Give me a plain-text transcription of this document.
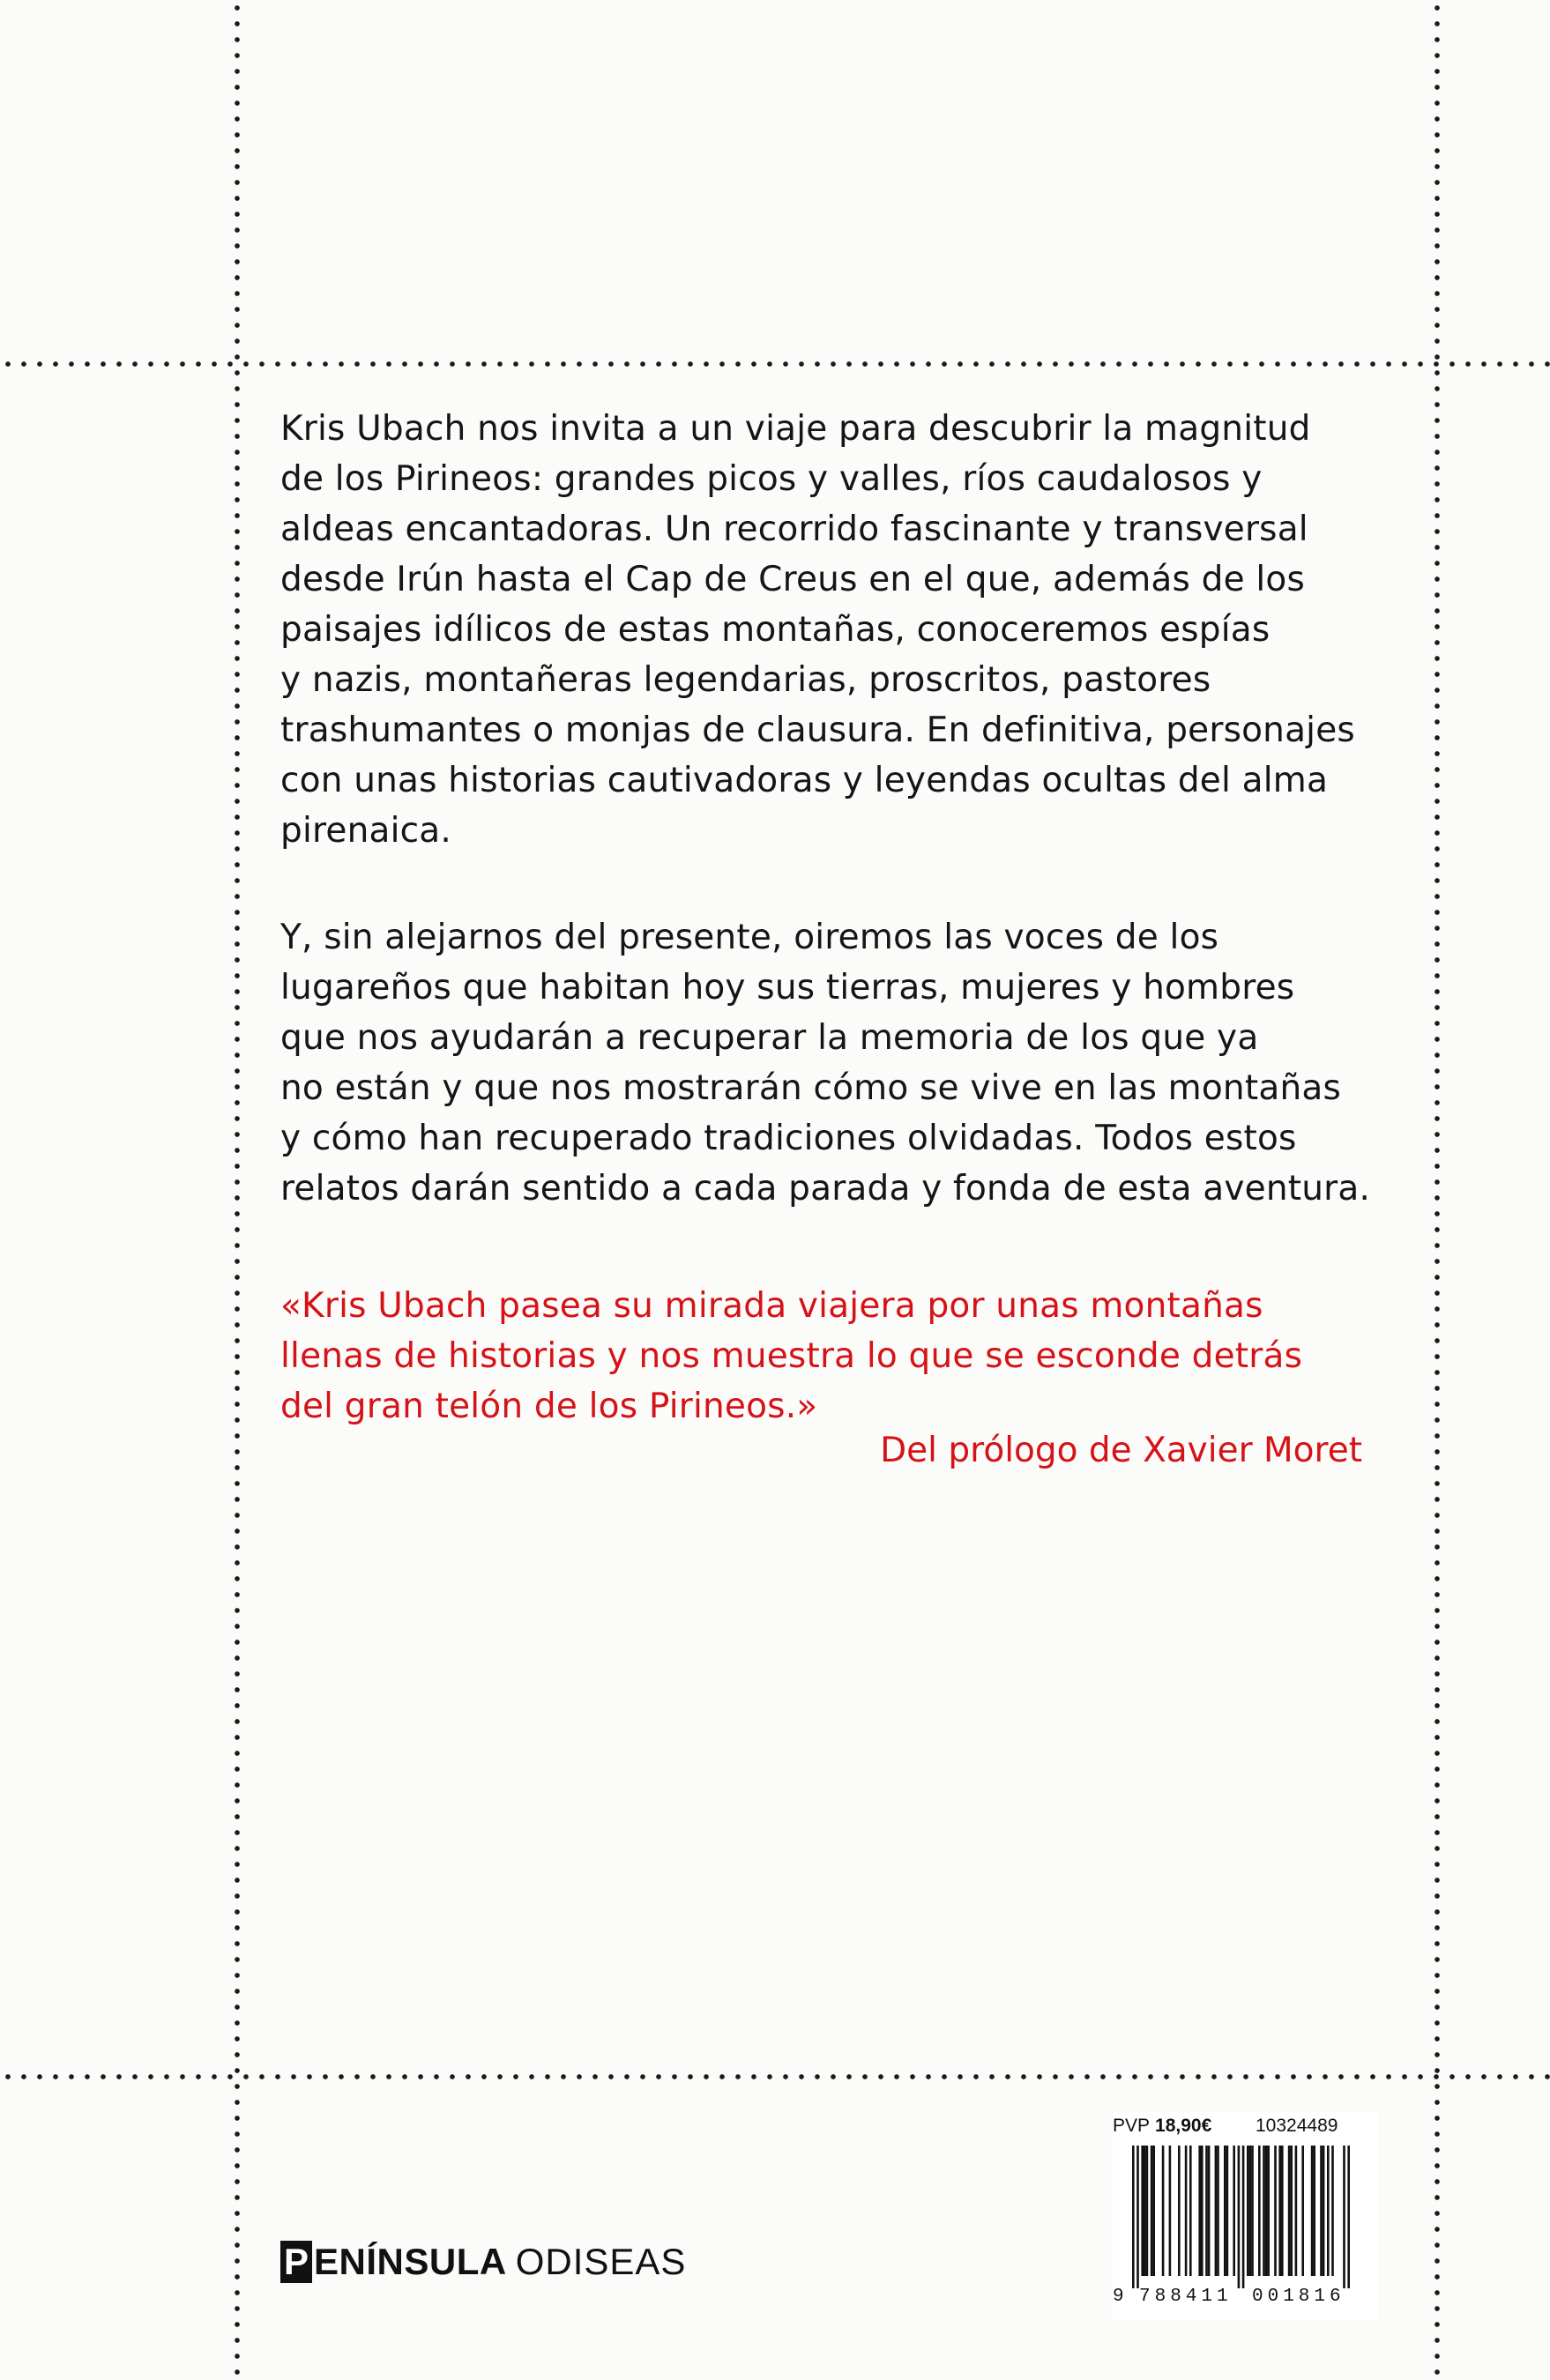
Kris Ubach nos invita a un viaje para descubrir la magnitud
de los Pirineos: grandes picos y valles, ríos caudalosos y
aldeas encantadoras. Un recorrido fascinante y transversal
desde Irún hasta el Cap de Creus en el que, además de los
paisajes idílicos de estas montañas, conoceremos espías
y nazis, montañeras legendarias, proscritos, pastores
trashumantes o monjas de clausura. En definitiva, personajes
con unas historias cautivadoras y leyendas ocultas del alma
pirenaica.
Y, sin alejarnos del presente, oiremos las voces de los
lugareños que habitan hoy sus tierras, mujeres y hombres
que nos ayudarán a recuperar la memoria de los que ya
no están y que nos mostrarán cómo se vive en las montañas
y cómo han recuperado tradiciones olvidadas. Todos estos
relatos darán sentido a cada parada y fonda de esta aventura.
«Kris Ubach pasea su mirada viajera por unas montañas
llenas de historias y nos muestra lo que se esconde detrás
del gran telón de los Pirineos.»
Del prólogo de Xavier Moret
P ENÍNSULA ODISEAS
PVP 18,90€ 10324489
9 788411 001816
